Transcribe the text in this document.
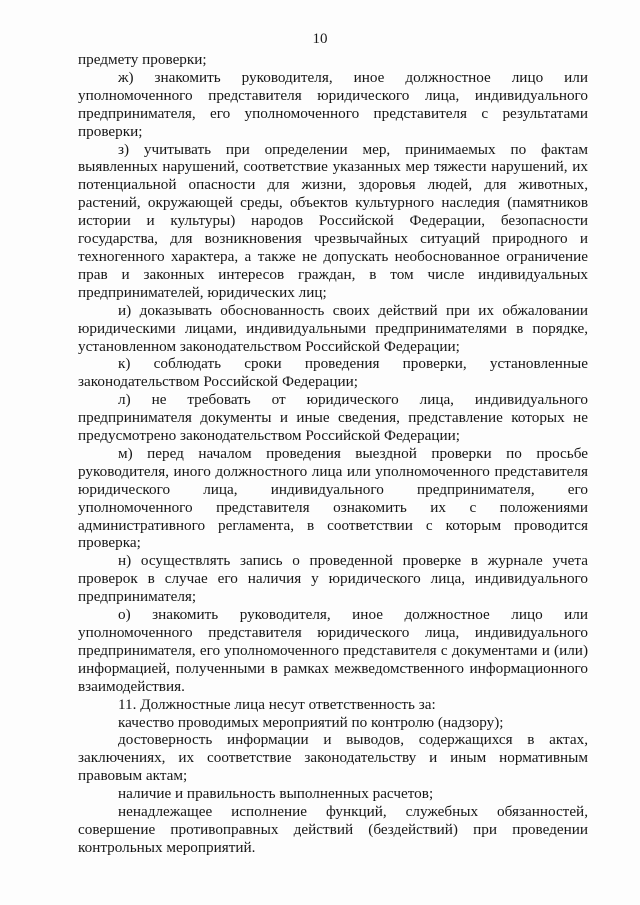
10

предмету проверки;

ж) знакомить руководителя, иное должностное лицо или уполномоченного представителя юридического лица, индивидуального предпринимателя, его уполномоченного представителя с результатами проверки;

з) учитывать при определении мер, принимаемых по фактам выявленных нарушений, соответствие указанных мер тяжести нарушений, их потенциальной опасности для жизни, здоровья людей, для животных, растений, окружающей среды, объектов культурного наследия (памятников истории и культуры) народов Российской Федерации, безопасности государства, для возникновения чрезвычайных ситуаций природного и техногенного характера, а также не допускать необоснованное ограничение прав и законных интересов граждан, в том числе индивидуальных предпринимателей, юридических лиц;

и) доказывать обоснованность своих действий при их обжаловании юридическими лицами, индивидуальными предпринимателями в порядке, установленном законодательством Российской Федерации;

к) соблюдать сроки проведения проверки, установленные законодательством Российской Федерации;

л) не требовать от юридического лица, индивидуального предпринимателя документы и иные сведения, представление которых не предусмотрено законодательством Российской Федерации;

м) перед началом проведения выездной проверки по просьбе руководителя, иного должностного лица или уполномоченного представителя юридического лица, индивидуального предпринимателя, его уполномоченного представителя ознакомить их с положениями административного регламента, в соответствии с которым проводится проверка;

н) осуществлять запись о проведенной проверке в журнале учета проверок в случае его наличия у юридического лица, индивидуального предпринимателя;

о) знакомить руководителя, иное должностное лицо или уполномоченного представителя юридического лица, индивидуального предпринимателя, его уполномоченного представителя с документами и (или) информацией, полученными в рамках межведомственного информационного взаимодействия.

11. Должностные лица несут ответственность за:

качество проводимых мероприятий по контролю (надзору);

достоверность информации и выводов, содержащихся в актах, заключениях, их соответствие законодательству и иным нормативным правовым актам;

наличие и правильность выполненных расчетов;

ненадлежащее исполнение функций, служебных обязанностей, совершение противоправных действий (бездействий) при проведении контрольных мероприятий.
